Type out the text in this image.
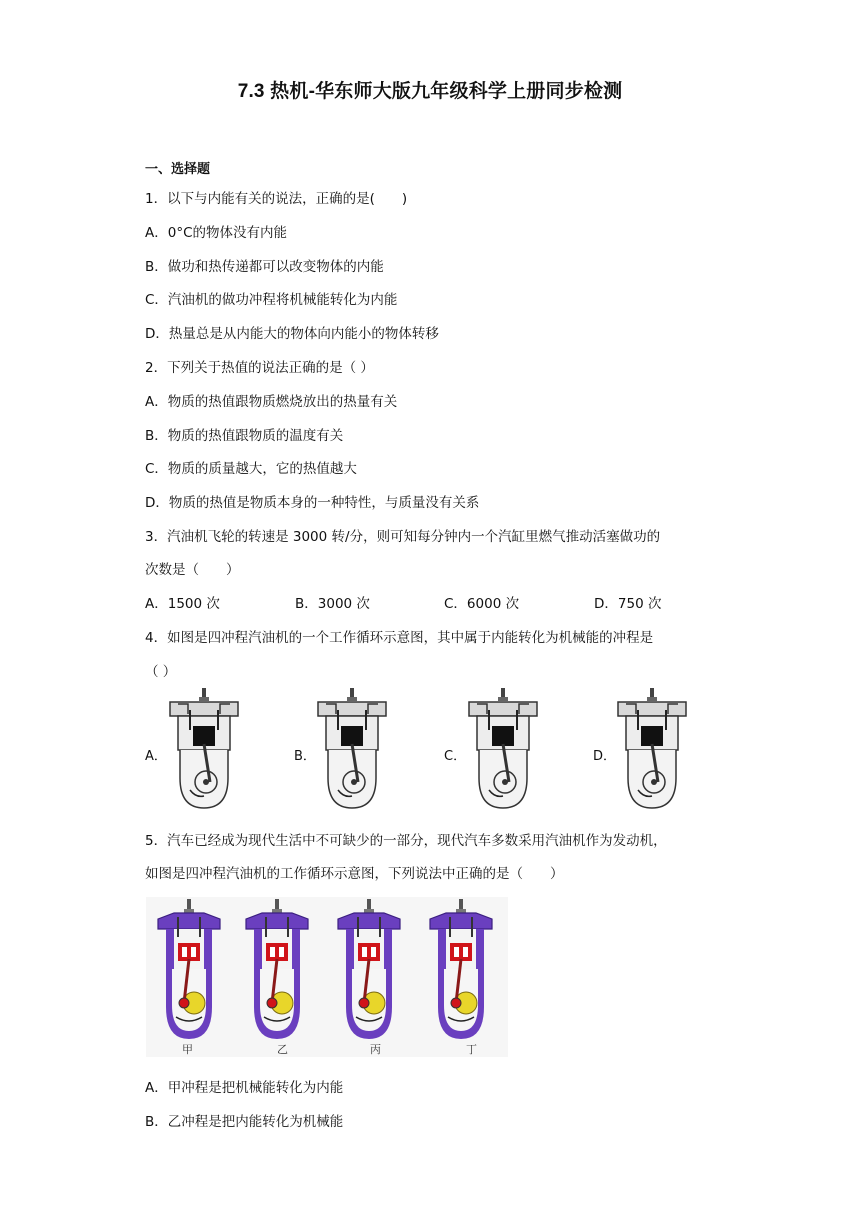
7.3 热机-华东师大版九年级科学上册同步检测
一、选择题
1．以下与内能有关的说法，正确的是(　　)
A．0°C的物体没有内能
B．做功和热传递都可以改变物体的内能
C．汽油机的做功冲程将机械能转化为内能
D．热量总是从内能大的物体向内能小的物体转移
2．下列关于热值的说法正确的是（ ）
A．物质的热值跟物质燃烧放出的热量有关
B．物质的热值跟物质的温度有关
C．物质的质量越大，它的热值越大
D．物质的热值是物质本身的一种特性，与质量没有关系
3．汽油机飞轮的转速是 3000 转/分，则可知每分钟内一个汽缸里燃气推动活塞做功的
次数是（　　）
A．1500 次	B．3000 次	C．6000 次	D．750 次
4．如图是四冲程汽油机的一个工作循环示意图，其中属于内能转化为机械能的冲程是
（ ）
A．	B．	C．	D．
5．汽车已经成为现代生活中不可缺少的一部分，现代汽车多数采用汽油机作为发动机，
如图是四冲程汽油机的工作循环示意图，下列说法中正确的是（　　）
甲	乙	丙	丁
A．甲冲程是把机械能转化为内能
B．乙冲程是把内能转化为机械能
